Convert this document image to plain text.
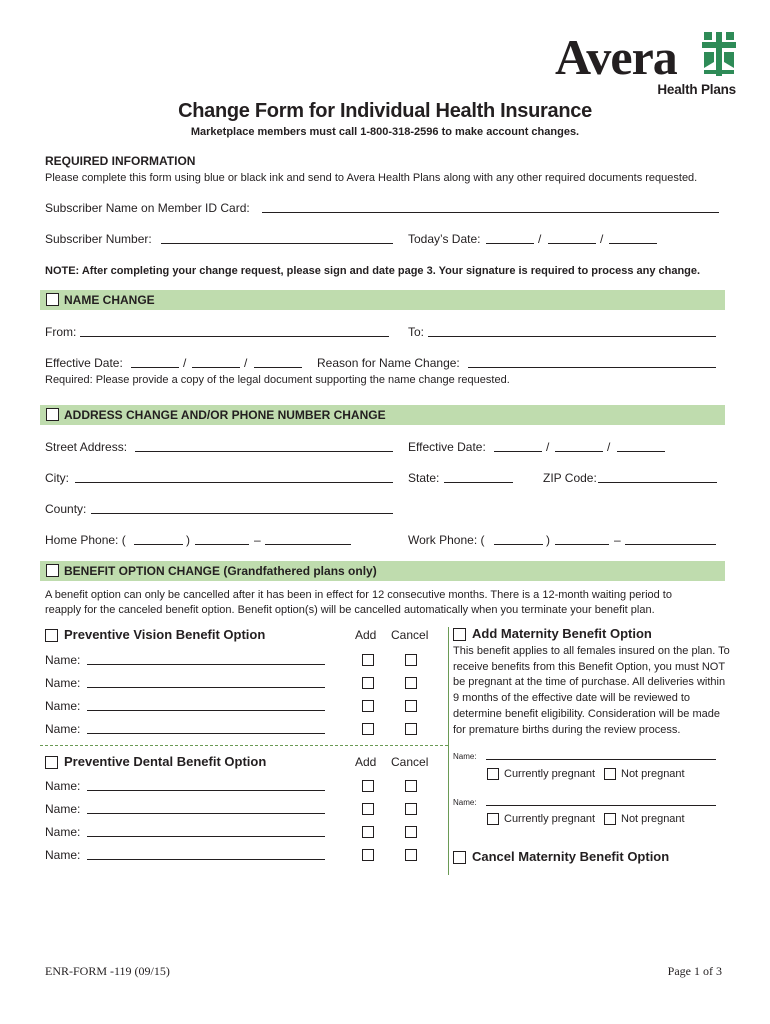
Avera
Health Plans
Change Form for Individual Health Insurance
Marketplace members must call 1-800-318-2596 to make account changes.
REQUIRED INFORMATION
Please complete this form using blue or black ink and send to Avera Health Plans along with any other required documents requested.
Subscriber Name on Member ID Card:
Subscriber Number:	Today’s Date:	/	/
NOTE: After completing your change request, please sign and date page 3. Your signature is required to process any change.
NAME CHANGE
From:	To:
Effective Date:	/	/	Reason for Name Change:
Required: Please provide a copy of the legal document supporting the name change requested.
ADDRESS CHANGE AND/OR PHONE NUMBER CHANGE
Street Address:	Effective Date:	/	/
City:	State:	ZIP Code:
County:
Home Phone: (	)	–	Work Phone: (	)	–
BENEFIT OPTION CHANGE (Grandfathered plans only)
A benefit option can only be cancelled after it has been in effect for 12 consecutive months. There is a 12-month waiting period to
reapply for the canceled benefit option. Benefit option(s) will be cancelled automatically when you terminate your benefit plan.
Preventive Vision Benefit Option	Add Cancel
Name:
Name:
Name:
Name:
Preventive Dental Benefit Option	Add Cancel
Name:
Name:
Name:
Name:
Add Maternity Benefit Option
This benefit applies to all females insured on the plan. To receive benefits from this Benefit Option, you must NOT be pregnant at the time of purchase. All deliveries within 9 months of the effective date will be reviewed to determine benefit eligibility. Consideration will be made for premature births during the review process.
Name:
Currently pregnant Not pregnant
Name:
Currently pregnant Not pregnant
Cancel Maternity Benefit Option
ENR-FORM -119 (09/15)	Page 1 of 3
